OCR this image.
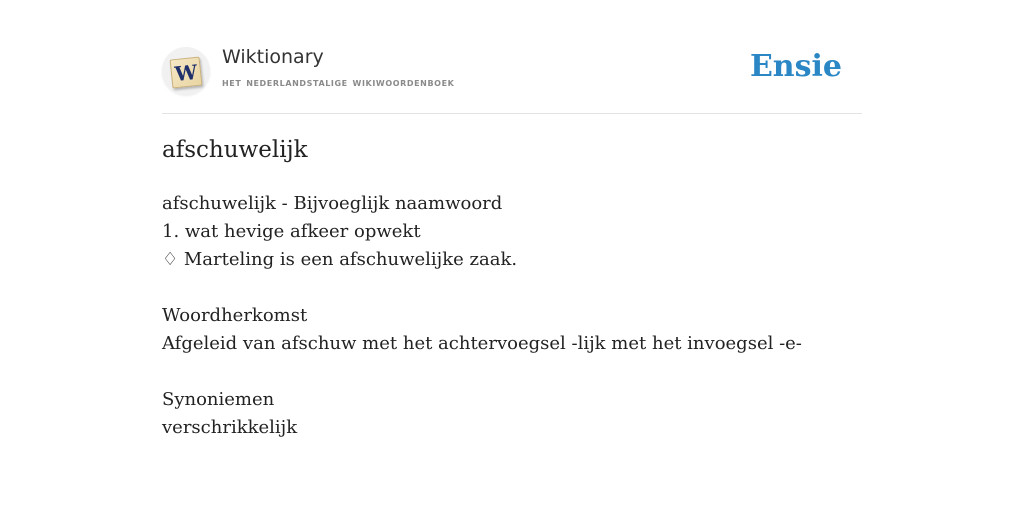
W
Wiktionary
het nederlandstalige wikiwoordenboek	Ensie
afschuwelijk
afschuwelijk - Bijvoeglijk naamwoord
1. wat hevige afkeer opwekt
♢ Marteling is een afschuwelijke zaak.
Woordherkomst
Afgeleid van afschuw met het achtervoegsel -lijk met het invoegsel -e-
Synoniemen
verschrikkelijk
